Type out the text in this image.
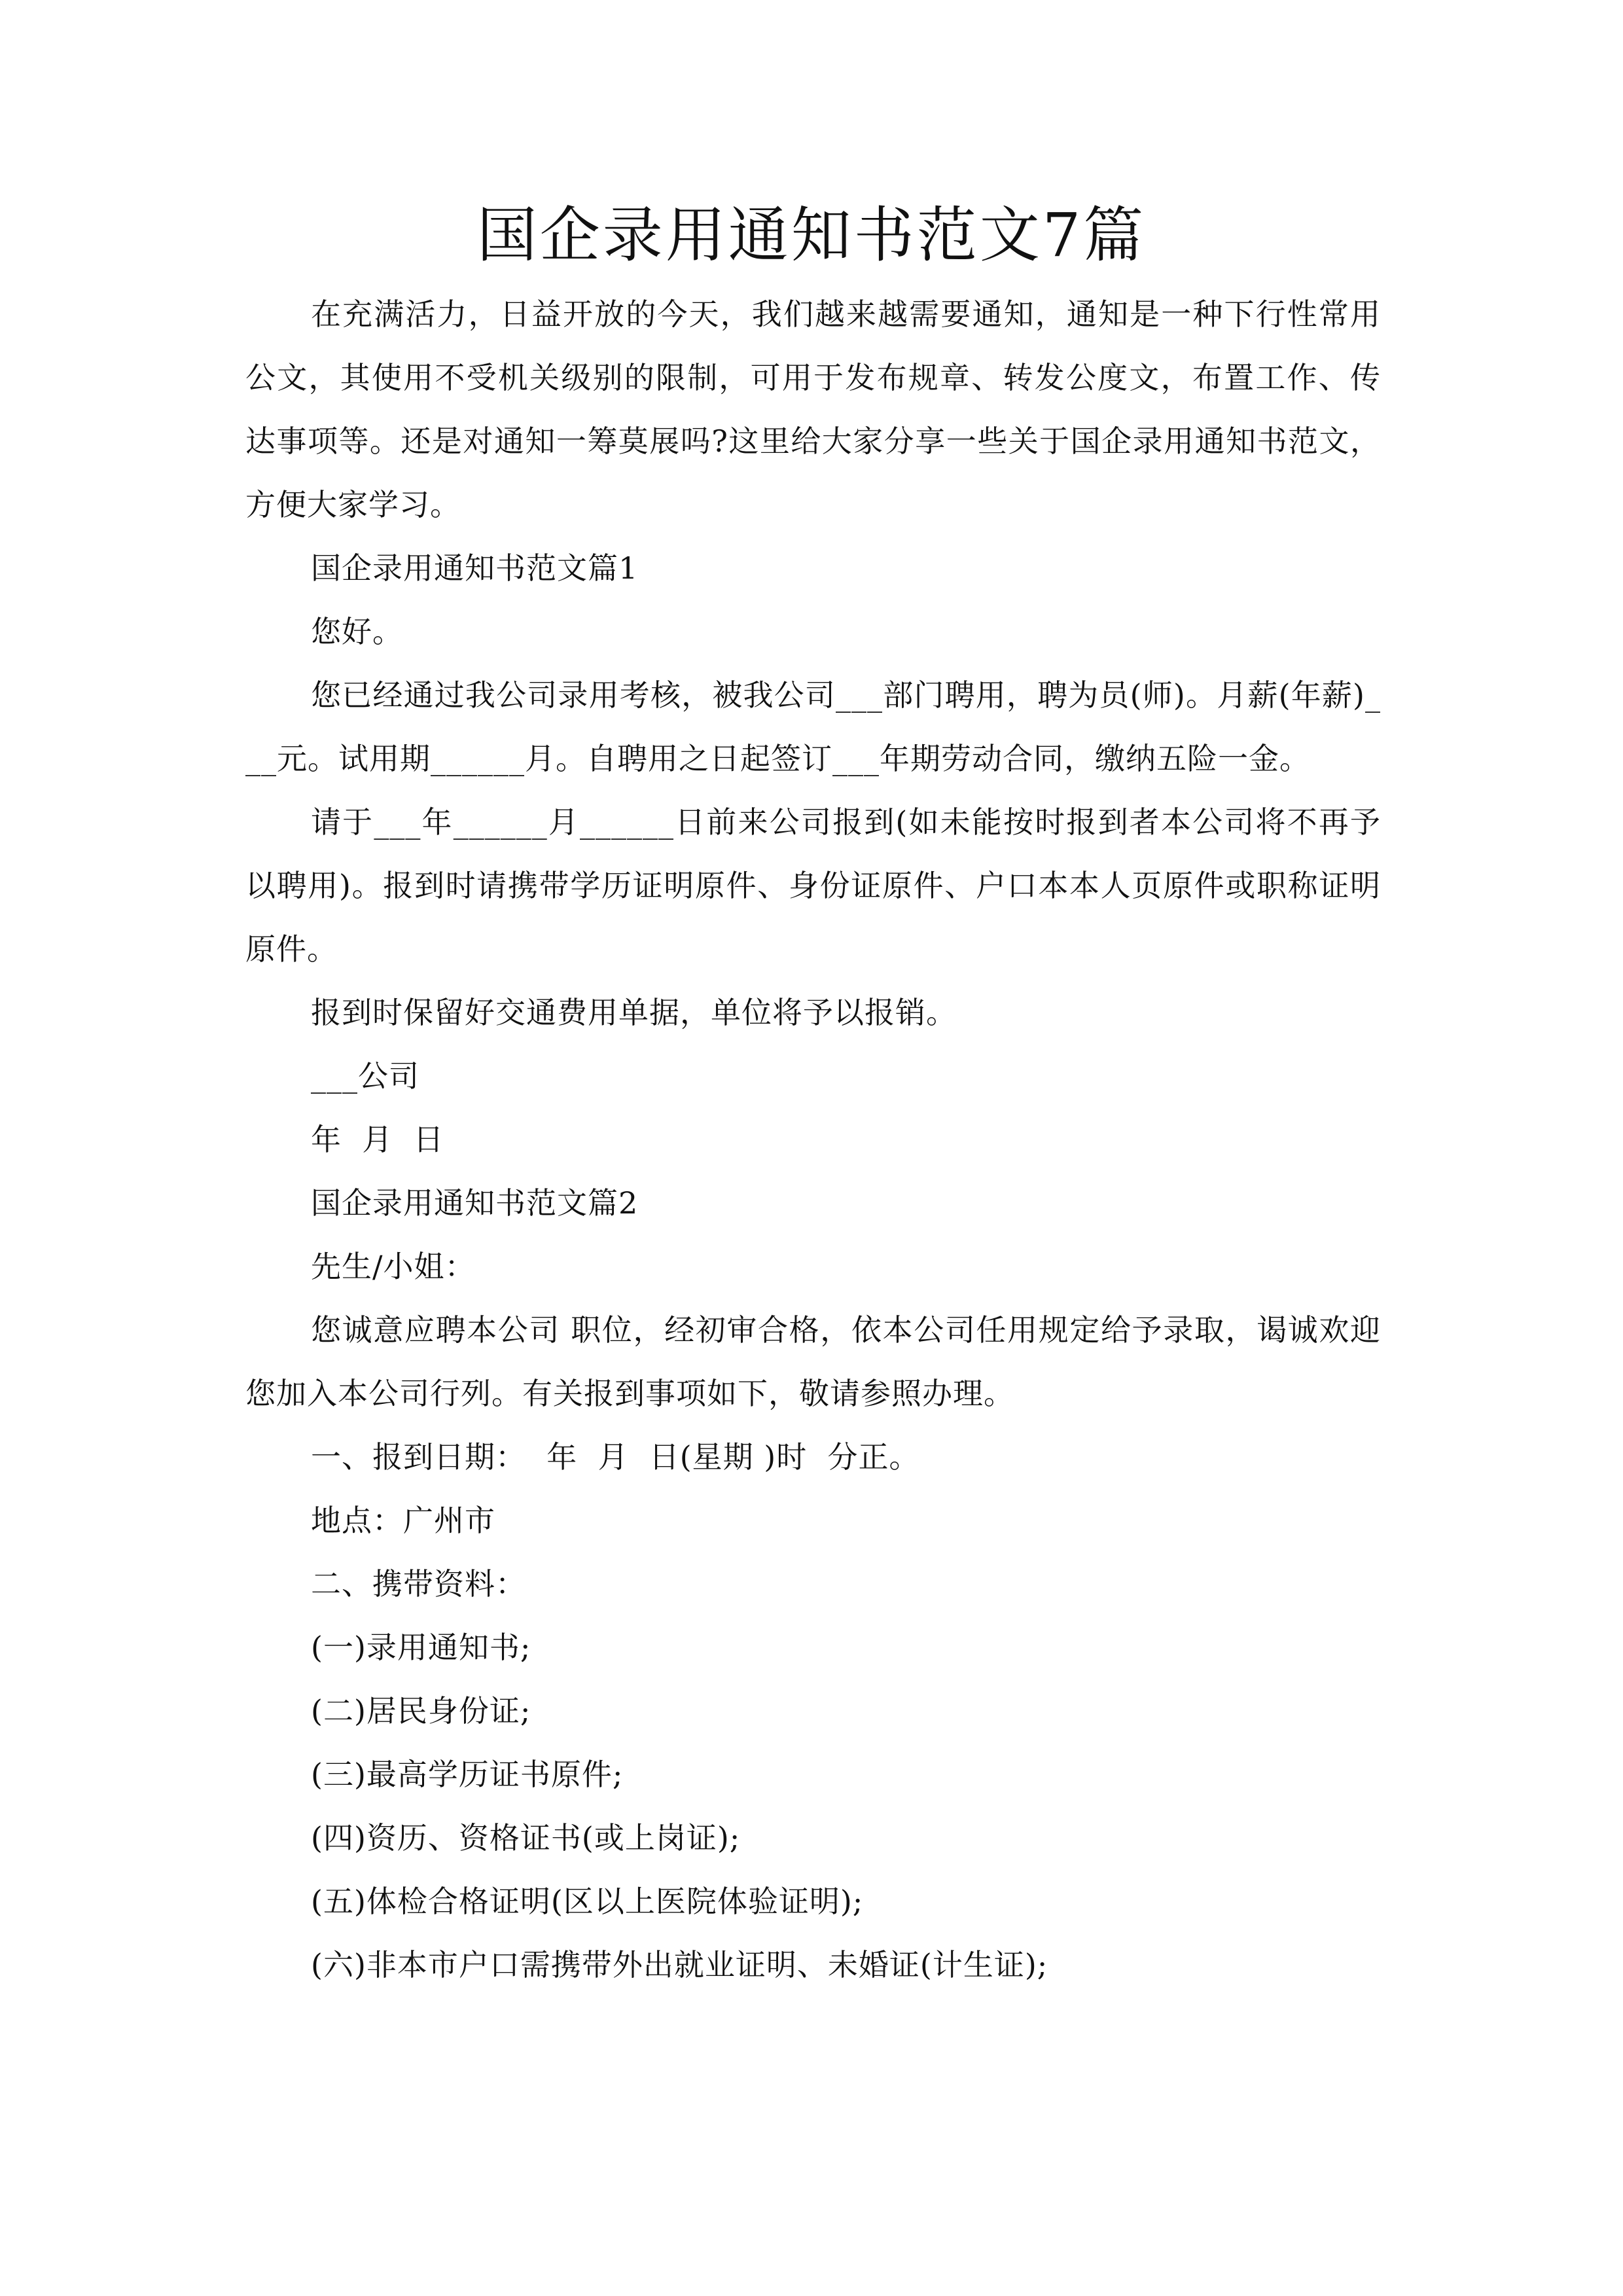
国企录用通知书范文7篇

在充满活力，日益开放的今天，我们越来越需要通知，通知是一种下行性常用公文，其使用不受机关级别的限制，可用于发布规章、转发公度文，布置工作、传达事项等。还是对通知一筹莫展吗?这里给大家分享一些关于国企录用通知书范文，方便大家学习。

国企录用通知书范文篇1

您好。

您已经通过我公司录用考核，被我公司___部门聘用，聘为员(师)。月薪(年薪)___元。试用期______月。自聘用之日起签订___年期劳动合同，缴纳五险一金。

请于___年______月______日前来公司报到(如未能按时报到者本公司将不再予以聘用)。报到时请携带学历证明原件、身份证原件、户口本本人页原件或职称证明原件。

报到时保留好交通费用单据，单位将予以报销。

___公司

年  月  日

国企录用通知书范文篇2

先生/小姐：

您诚意应聘本公司 职位，经初审合格，依本公司任用规定给予录取，谒诚欢迎您加入本公司行列。有关报到事项如下，敬请参照办理。

一、报到日期：  年  月  日(星期 )时  分正。

地点：广州市

二、携带资料：

(一)录用通知书;

(二)居民身份证;

(三)最高学历证书原件;

(四)资历、资格证书(或上岗证);

(五)体检合格证明(区以上医院体验证明);

(六)非本市户口需携带外出就业证明、未婚证(计生证);
